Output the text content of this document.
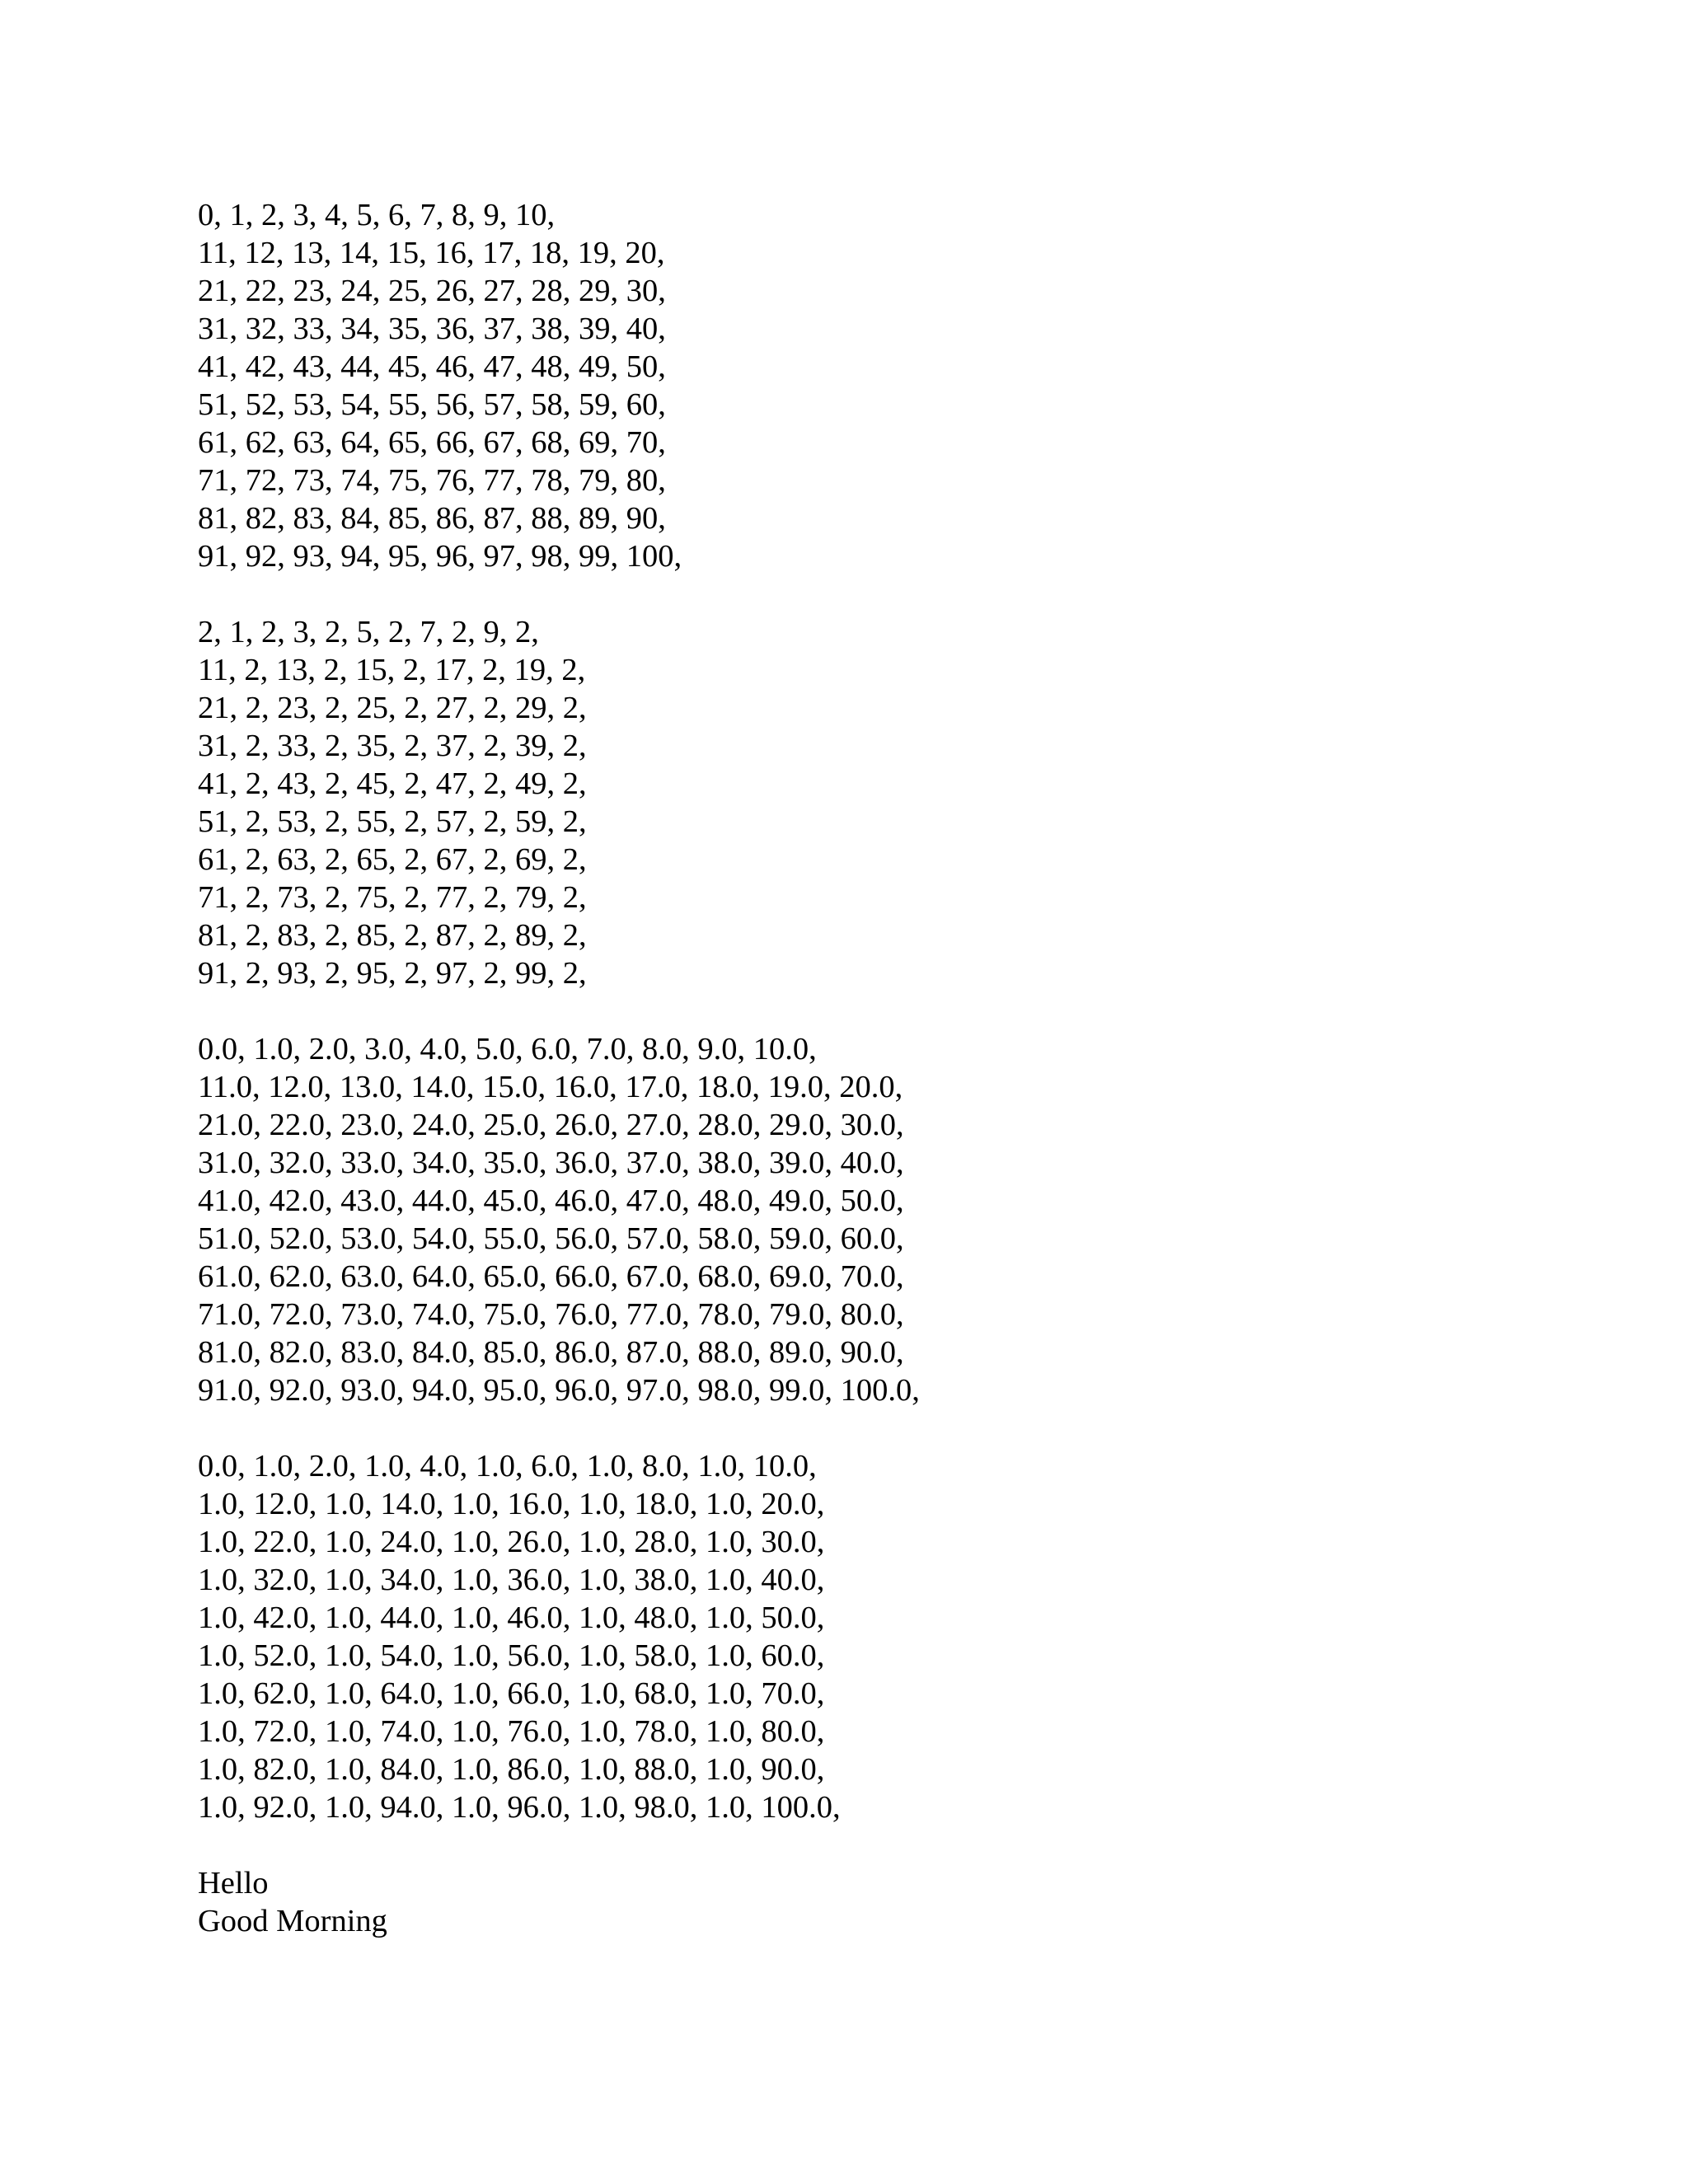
0, 1, 2, 3, 4, 5, 6, 7, 8, 9, 10,
11, 12, 13, 14, 15, 16, 17, 18, 19, 20,
21, 22, 23, 24, 25, 26, 27, 28, 29, 30,
31, 32, 33, 34, 35, 36, 37, 38, 39, 40,
41, 42, 43, 44, 45, 46, 47, 48, 49, 50,
51, 52, 53, 54, 55, 56, 57, 58, 59, 60,
61, 62, 63, 64, 65, 66, 67, 68, 69, 70,
71, 72, 73, 74, 75, 76, 77, 78, 79, 80,
81, 82, 83, 84, 85, 86, 87, 88, 89, 90,
91, 92, 93, 94, 95, 96, 97, 98, 99, 100,
2, 1, 2, 3, 2, 5, 2, 7, 2, 9, 2,
11, 2, 13, 2, 15, 2, 17, 2, 19, 2,
21, 2, 23, 2, 25, 2, 27, 2, 29, 2,
31, 2, 33, 2, 35, 2, 37, 2, 39, 2,
41, 2, 43, 2, 45, 2, 47, 2, 49, 2,
51, 2, 53, 2, 55, 2, 57, 2, 59, 2,
61, 2, 63, 2, 65, 2, 67, 2, 69, 2,
71, 2, 73, 2, 75, 2, 77, 2, 79, 2,
81, 2, 83, 2, 85, 2, 87, 2, 89, 2,
91, 2, 93, 2, 95, 2, 97, 2, 99, 2,
0.0, 1.0, 2.0, 3.0, 4.0, 5.0, 6.0, 7.0, 8.0, 9.0, 10.0,
11.0, 12.0, 13.0, 14.0, 15.0, 16.0, 17.0, 18.0, 19.0, 20.0,
21.0, 22.0, 23.0, 24.0, 25.0, 26.0, 27.0, 28.0, 29.0, 30.0,
31.0, 32.0, 33.0, 34.0, 35.0, 36.0, 37.0, 38.0, 39.0, 40.0,
41.0, 42.0, 43.0, 44.0, 45.0, 46.0, 47.0, 48.0, 49.0, 50.0,
51.0, 52.0, 53.0, 54.0, 55.0, 56.0, 57.0, 58.0, 59.0, 60.0,
61.0, 62.0, 63.0, 64.0, 65.0, 66.0, 67.0, 68.0, 69.0, 70.0,
71.0, 72.0, 73.0, 74.0, 75.0, 76.0, 77.0, 78.0, 79.0, 80.0,
81.0, 82.0, 83.0, 84.0, 85.0, 86.0, 87.0, 88.0, 89.0, 90.0,
91.0, 92.0, 93.0, 94.0, 95.0, 96.0, 97.0, 98.0, 99.0, 100.0,
0.0, 1.0, 2.0, 1.0, 4.0, 1.0, 6.0, 1.0, 8.0, 1.0, 10.0,
1.0, 12.0, 1.0, 14.0, 1.0, 16.0, 1.0, 18.0, 1.0, 20.0,
1.0, 22.0, 1.0, 24.0, 1.0, 26.0, 1.0, 28.0, 1.0, 30.0,
1.0, 32.0, 1.0, 34.0, 1.0, 36.0, 1.0, 38.0, 1.0, 40.0,
1.0, 42.0, 1.0, 44.0, 1.0, 46.0, 1.0, 48.0, 1.0, 50.0,
1.0, 52.0, 1.0, 54.0, 1.0, 56.0, 1.0, 58.0, 1.0, 60.0,
1.0, 62.0, 1.0, 64.0, 1.0, 66.0, 1.0, 68.0, 1.0, 70.0,
1.0, 72.0, 1.0, 74.0, 1.0, 76.0, 1.0, 78.0, 1.0, 80.0,
1.0, 82.0, 1.0, 84.0, 1.0, 86.0, 1.0, 88.0, 1.0, 90.0,
1.0, 92.0, 1.0, 94.0, 1.0, 96.0, 1.0, 98.0, 1.0, 100.0,
Hello
Good Morning
